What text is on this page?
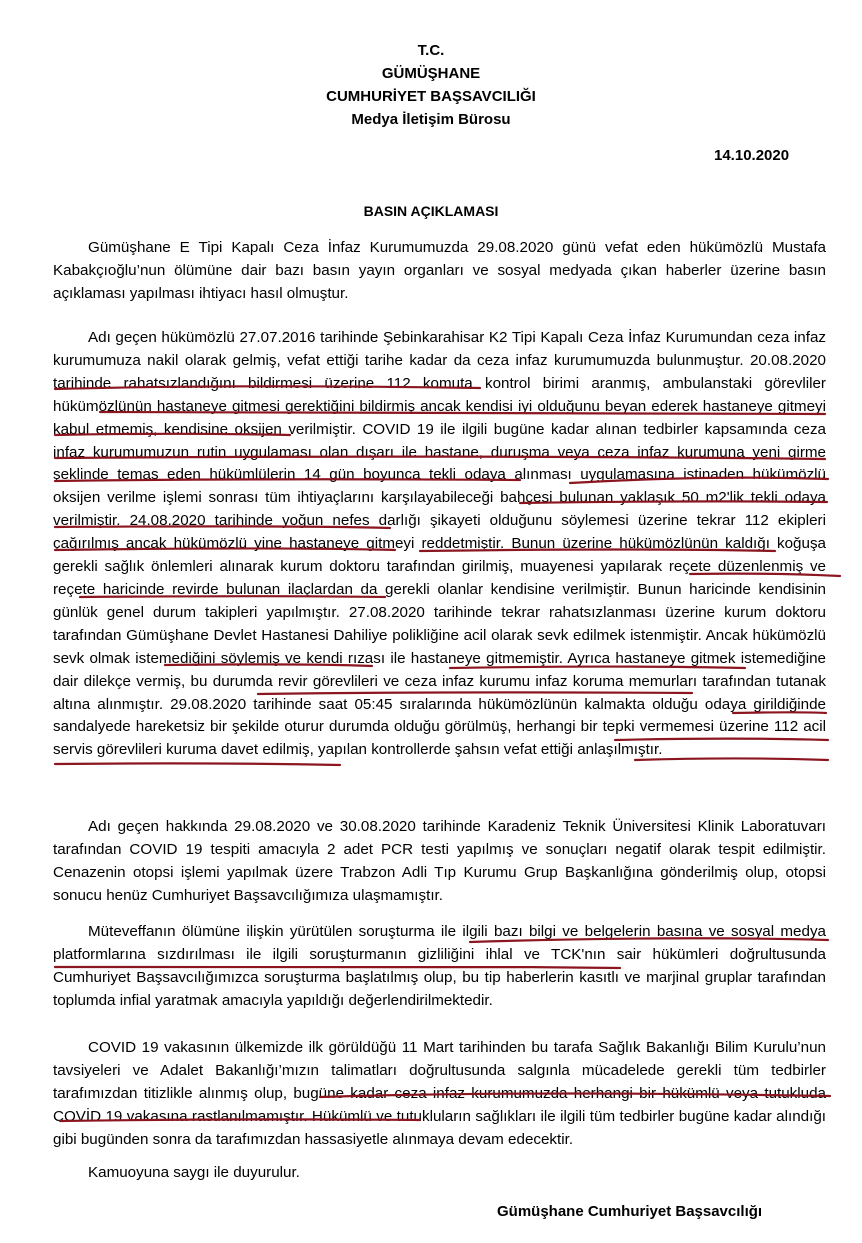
T.C.
GÜMÜŞHANE
CUMHURİYET BAŞSAVCILIĞI
Medya İletişim Bürosu
14.10.2020
BASIN AÇIKLAMASI

Gümüşhane E Tipi Kapalı Ceza İnfaz Kurumumuzda 29.08.2020 günü vefat eden hükümözlü Mustafa Kabakçıoğlu’nun ölümüne dair bazı basın yayın organları ve sosyal medyada çıkan haberler üzerine basın açıklaması yapılması ihtiyacı hasıl olmuştur.

Adı geçen hükümözlü 27.07.2016 tarihinde Şebinkarahisar K2 Tipi Kapalı Ceza İnfaz Kurumundan ceza infaz kurumumuza nakil olarak gelmiş, vefat ettiği tarihe kadar da ceza infaz kurumumuzda bulunmuştur. 20.08.2020 tarihinde rahatsızlandığını bildirmesi üzerine 112 komuta kontrol birimi aranmış, ambulanstaki görevliler hükümözlünün hastaneye gitmesi gerektiğini bildirmiş ancak kendisi iyi olduğunu beyan ederek hastaneye gitmeyi kabul etmemiş, kendisine oksijen verilmiştir. COVID 19 ile ilgili bugüne kadar alınan tedbirler kapsamında ceza infaz kurumumuzun rutin uygulaması olan dışarı ile hastane, duruşma veya ceza infaz kurumuna yeni girme şeklinde temas eden hükümlülerin 14 gün boyunca tekli odaya alınması uygulamasına istinaden hükümözlü oksijen verilme işlemi sonrası tüm ihtiyaçlarını karşılayabileceği bahçesi bulunan yaklaşık 50 m2'lik tekli odaya verilmiştir. 24.08.2020 tarihinde yoğun nefes darlığı şikayeti olduğunu söylemesi üzerine tekrar 112 ekipleri çağırılmış ancak hükümözlü yine hastaneye gitmeyi reddetmiştir. Bunun üzerine hükümözlünün kaldığı koğuşa gerekli sağlık önlemleri alınarak kurum doktoru tarafından girilmiş, muayenesi yapılarak reçete düzenlenmiş ve reçete haricinde revirde bulunan ilaçlardan da gerekli olanlar kendisine verilmiştir. Bunun haricinde kendisinin günlük genel durum takipleri yapılmıştır. 27.08.2020 tarihinde tekrar rahatsızlanması üzerine kurum doktoru tarafından Gümüşhane Devlet Hastanesi Dahiliye polikliğine acil olarak sevk edilmek istenmiştir. Ancak hükümözlü sevk olmak istemediğini söylemiş ve kendi rızası ile hastaneye gitmemiştir. Ayrıca hastaneye gitmek istemediğine dair dilekçe vermiş, bu durumda revir görevlileri ve ceza infaz kurumu infaz koruma memurları tarafından tutanak altına alınmıştır. 29.08.2020 tarihinde saat 05:45 sıralarında hükümözlünün kalmakta olduğu odaya girildiğinde sandalyede hareketsiz bir şekilde oturur durumda olduğu görülmüş, herhangi bir tepki vermemesi üzerine 112 acil servis görevlileri kuruma davet edilmiş, yapılan kontrollerde şahsın vefat ettiği anlaşılmıştır.

Adı geçen hakkında 29.08.2020 ve 30.08.2020 tarihinde Karadeniz Teknik Üniversitesi Klinik Laboratuvarı tarafından COVID 19 tespiti amacıyla 2 adet PCR testi yapılmış ve sonuçları negatif olarak tespit edilmiştir. Cenazenin otopsi işlemi yapılmak üzere Trabzon Adli Tıp Kurumu Grup Başkanlığına gönderilmiş olup, otopsi sonucu henüz Cumhuriyet Başsavcılığımıza ulaşmamıştır.

Müteveffanın ölümüne ilişkin yürütülen soruşturma ile ilgili bazı bilgi ve belgelerin basına ve sosyal medya platformlarına sızdırılması ile ilgili soruşturmanın gizliliğini ihlal ve TCK'nın sair hükümleri doğrultusunda Cumhuriyet Başsavcılığımızca soruşturma başlatılmış olup, bu tip haberlerin kasıtlı ve marjinal gruplar tarafından toplumda infial yaratmak amacıyla yapıldığı değerlendirilmektedir.

COVID 19 vakasının ülkemizde ilk görüldüğü 11 Mart tarihinden bu tarafa Sağlık Bakanlığı Bilim Kurulu’nun tavsiyeleri ve Adalet Bakanlığı’mızın talimatları doğrultusunda salgınla mücadelede gerekli tüm tedbirler tarafımızdan titizlikle alınmış olup, bugüne kadar ceza infaz kurumumuzda herhangi bir hükümlü veya tutukluda COVİD 19 vakasına rastlanılmamıştır. Hükümlü ve tutukluların sağlıkları ile ilgili tüm tedbirler bugüne kadar alındığı gibi bugünden sonra da tarafımızdan hassasiyetle alınmaya devam edecektir.

Kamuoyuna saygı ile duyurulur.
Gümüşhane Cumhuriyet Başsavcılığı
